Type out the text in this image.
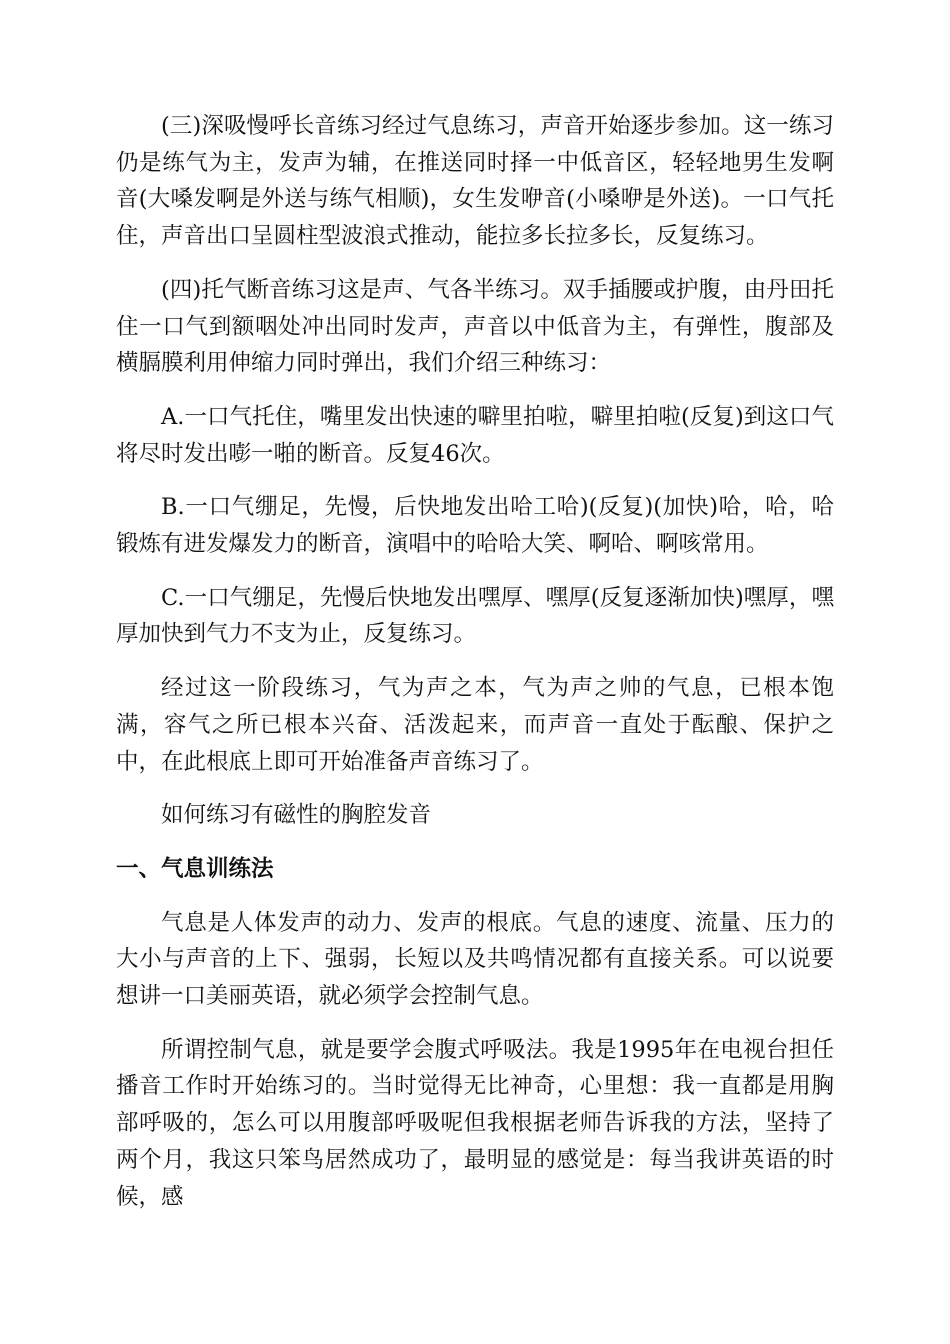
(三)深吸慢呼长音练习经过气息练习，声音开始逐步参加。这一练习仍是练气为主，发声为辅，在推送同时择一中低音区，轻轻地男生发啊音(大嗓发啊是外送与练气相顺)，女生发咿音(小嗓咿是外送)。一口气托住，声音出口呈圆柱型波浪式推动，能拉多长拉多长，反复练习。

(四)托气断音练习这是声、气各半练习。双手插腰或护腹，由丹田托住一口气到额咽处冲出同时发声，声音以中低音为主，有弹性，腹部及横膈膜利用伸缩力同时弹出，我们介绍三种练习：

A.一口气托住，嘴里发出快速的噼里拍啦，噼里拍啦(反复)到这口气将尽时发出嘭一啪的断音。反复46次。

B.一口气绷足，先慢，后快地发出哈工哈)(反复)(加快)哈，哈，哈锻炼有进发爆发力的断音，演唱中的哈哈大笑、啊哈、啊咳常用。

C.一口气绷足，先慢后快地发出嘿厚、嘿厚(反复逐渐加快)嘿厚，嘿厚加快到气力不支为止，反复练习。

经过这一阶段练习，气为声之本，气为声之帅的气息，已根本饱满，容气之所已根本兴奋、活泼起来，而声音一直处于酝酿、保护之中，在此根底上即可开始准备声音练习了。

如何练习有磁性的胸腔发音

一、气息训练法

气息是人体发声的动力、发声的根底。气息的速度、流量、压力的大小与声音的上下、强弱，长短以及共鸣情况都有直接关系。可以说要想讲一口美丽英语，就必须学会控制气息。

所谓控制气息，就是要学会腹式呼吸法。我是1995年在电视台担任播音工作时开始练习的。当时觉得无比神奇，心里想：我一直都是用胸部呼吸的，怎么可以用腹部呼吸呢但我根据老师告诉我的方法，坚持了两个月，我这只笨鸟居然成功了，最明显的感觉是：每当我讲英语的时候，感
